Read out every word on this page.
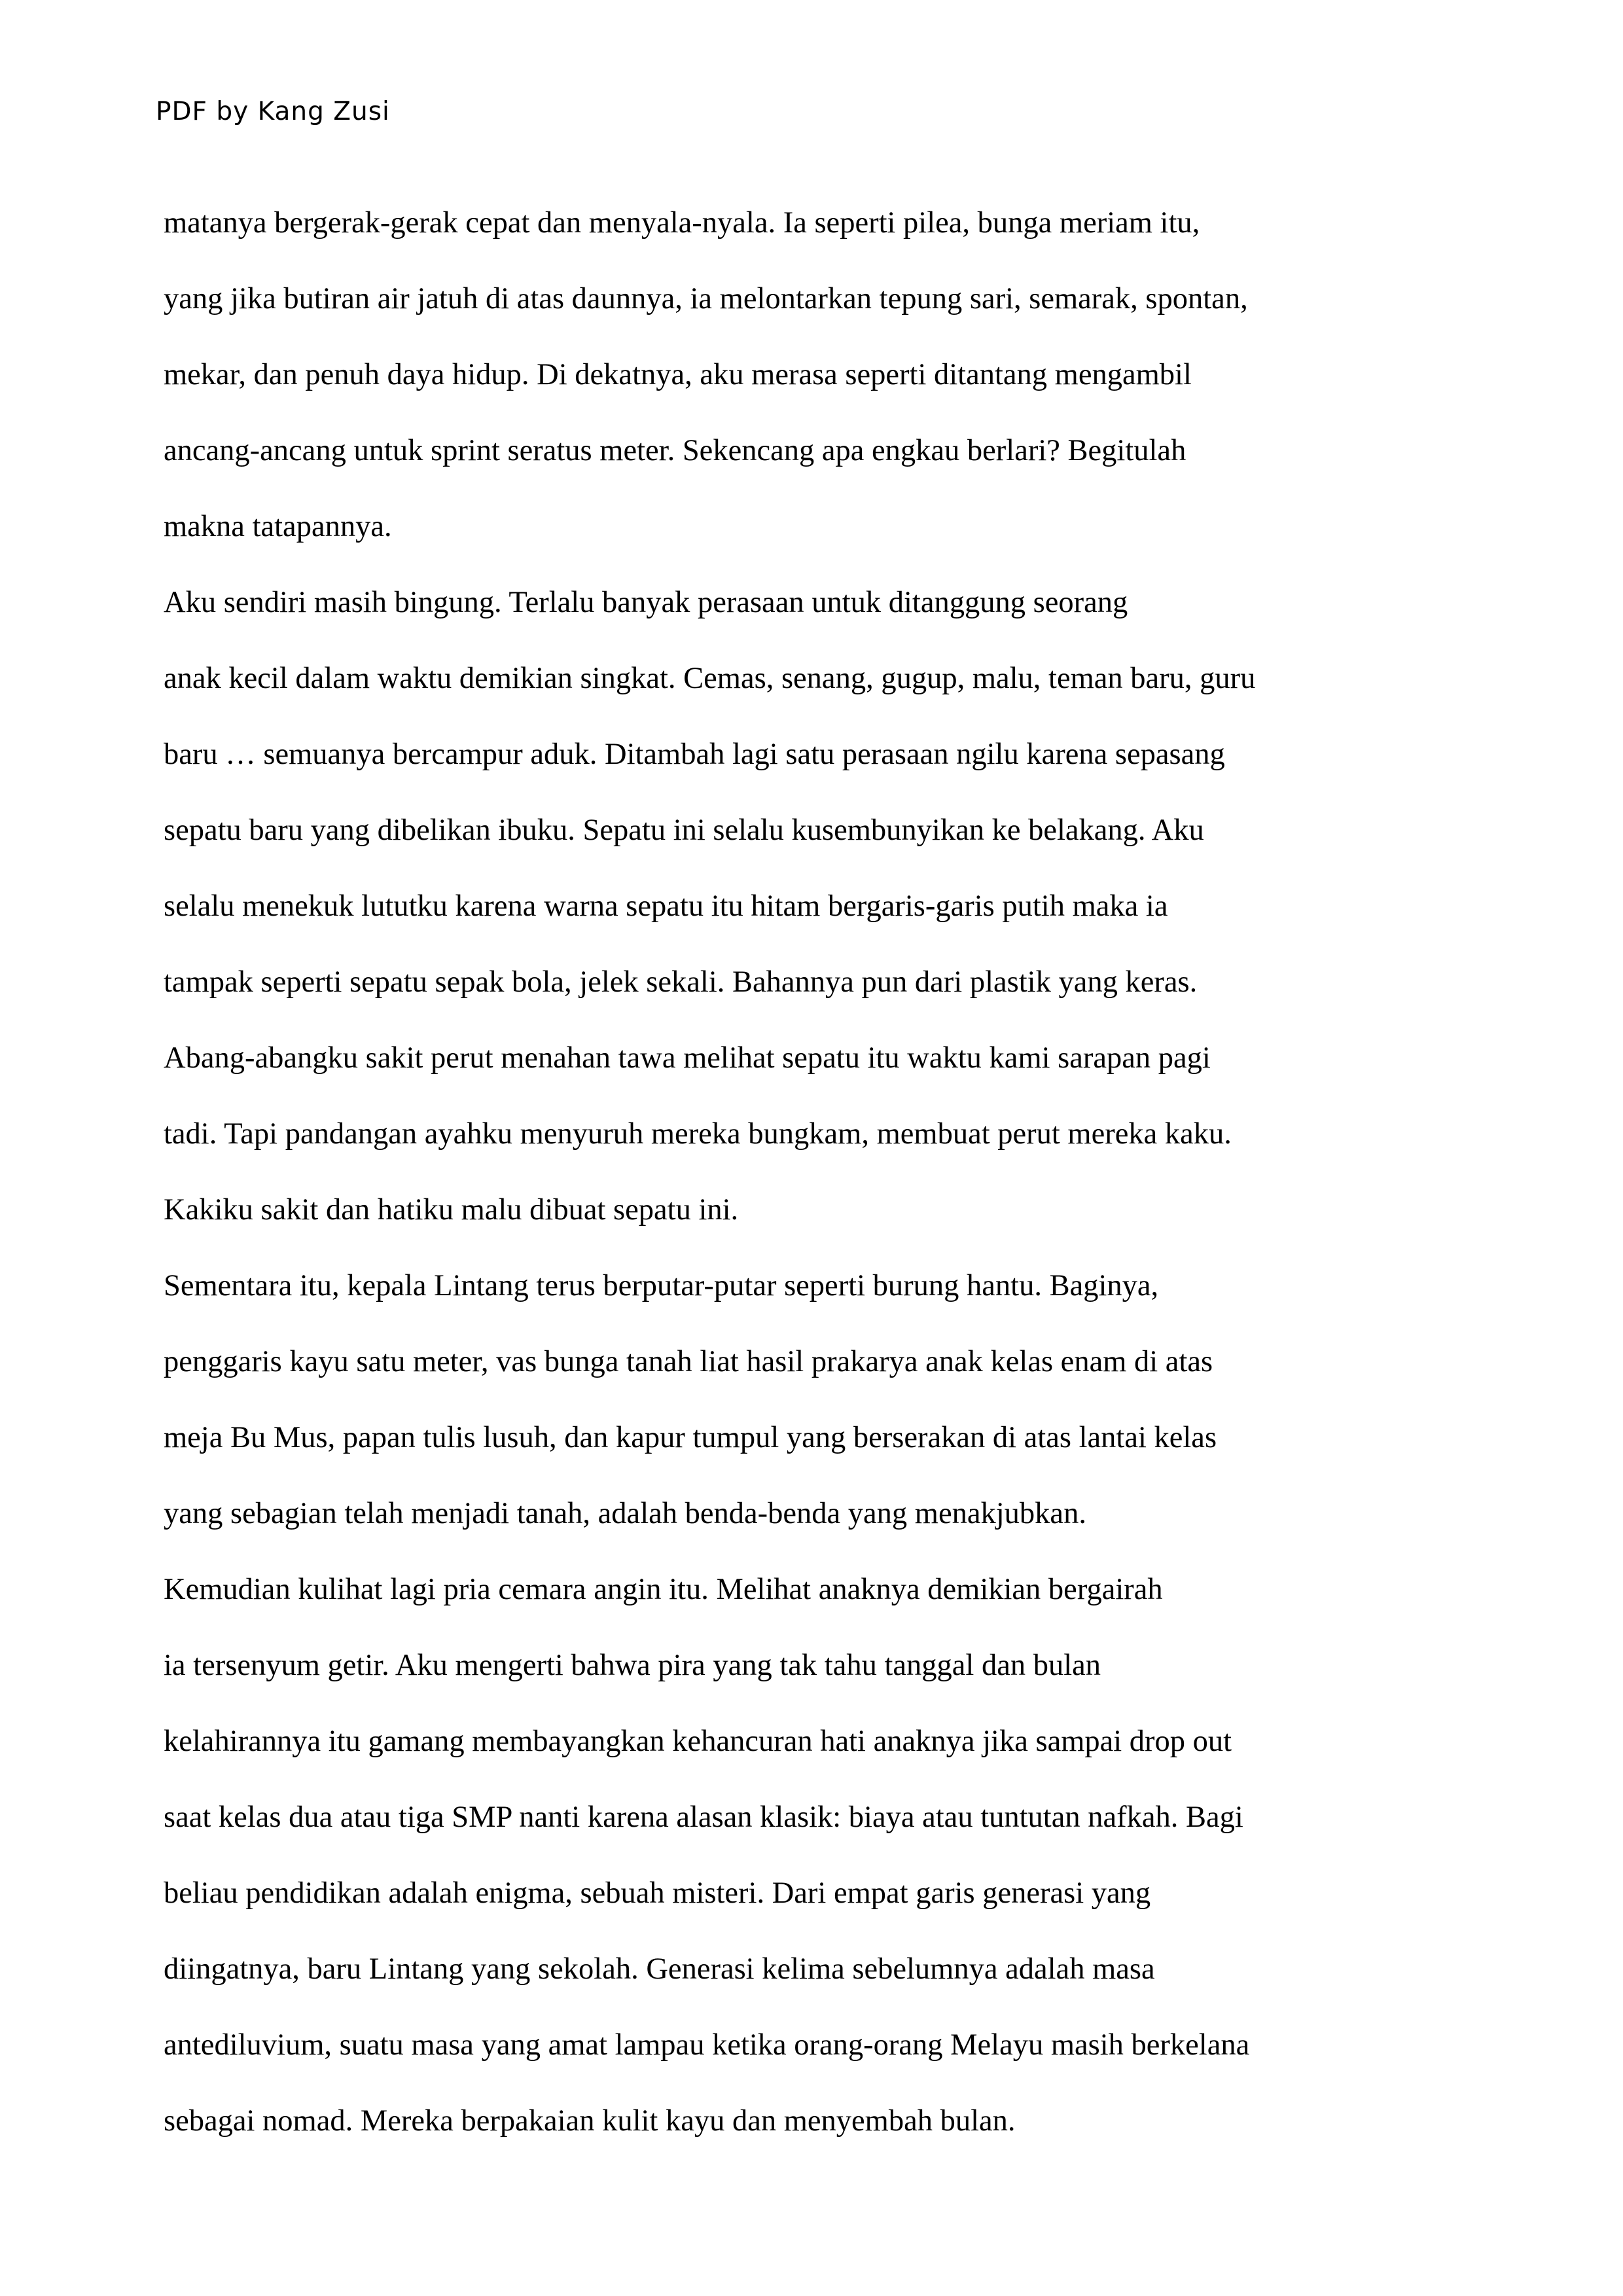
PDF by Kang Zusi
matanya bergerak-gerak cepat dan menyala-nyala. Ia seperti pilea, bunga meriam itu,
yang jika butiran air jatuh di atas daunnya, ia melontarkan tepung sari, semarak, spontan,
mekar, dan penuh daya hidup. Di dekatnya, aku merasa seperti ditantang mengambil
ancang-ancang untuk sprint seratus meter. Sekencang apa engkau berlari? Begitulah
makna tatapannya.
Aku sendiri masih bingung. Terlalu banyak perasaan untuk ditanggung seorang
anak kecil dalam waktu demikian singkat. Cemas, senang, gugup, malu, teman baru, guru
baru … semuanya bercampur aduk. Ditambah lagi satu perasaan ngilu karena sepasang
sepatu baru yang dibelikan ibuku. Sepatu ini selalu kusembunyikan ke belakang. Aku
selalu menekuk lututku karena warna sepatu itu hitam bergaris-garis putih maka ia
tampak seperti sepatu sepak bola, jelek sekali. Bahannya pun dari plastik yang keras.
Abang-abangku sakit perut menahan tawa melihat sepatu itu waktu kami sarapan pagi
tadi. Tapi pandangan ayahku menyuruh mereka bungkam, membuat perut mereka kaku.
Kakiku sakit dan hatiku malu dibuat sepatu ini.
Sementara itu, kepala Lintang terus berputar-putar seperti burung hantu. Baginya,
penggaris kayu satu meter, vas bunga tanah liat hasil prakarya anak kelas enam di atas
meja Bu Mus, papan tulis lusuh, dan kapur tumpul yang berserakan di atas lantai kelas
yang sebagian telah menjadi tanah, adalah benda-benda yang menakjubkan.
Kemudian kulihat lagi pria cemara angin itu. Melihat anaknya demikian bergairah
ia tersenyum getir. Aku mengerti bahwa pira yang tak tahu tanggal dan bulan
kelahirannya itu gamang membayangkan kehancuran hati anaknya jika sampai drop out
saat kelas dua atau tiga SMP nanti karena alasan klasik: biaya atau tuntutan nafkah. Bagi
beliau pendidikan adalah enigma, sebuah misteri. Dari empat garis generasi yang
diingatnya, baru Lintang yang sekolah. Generasi kelima sebelumnya adalah masa
antediluvium, suatu masa yang amat lampau ketika orang-orang Melayu masih berkelana
sebagai nomad. Mereka berpakaian kulit kayu dan menyembah bulan.
